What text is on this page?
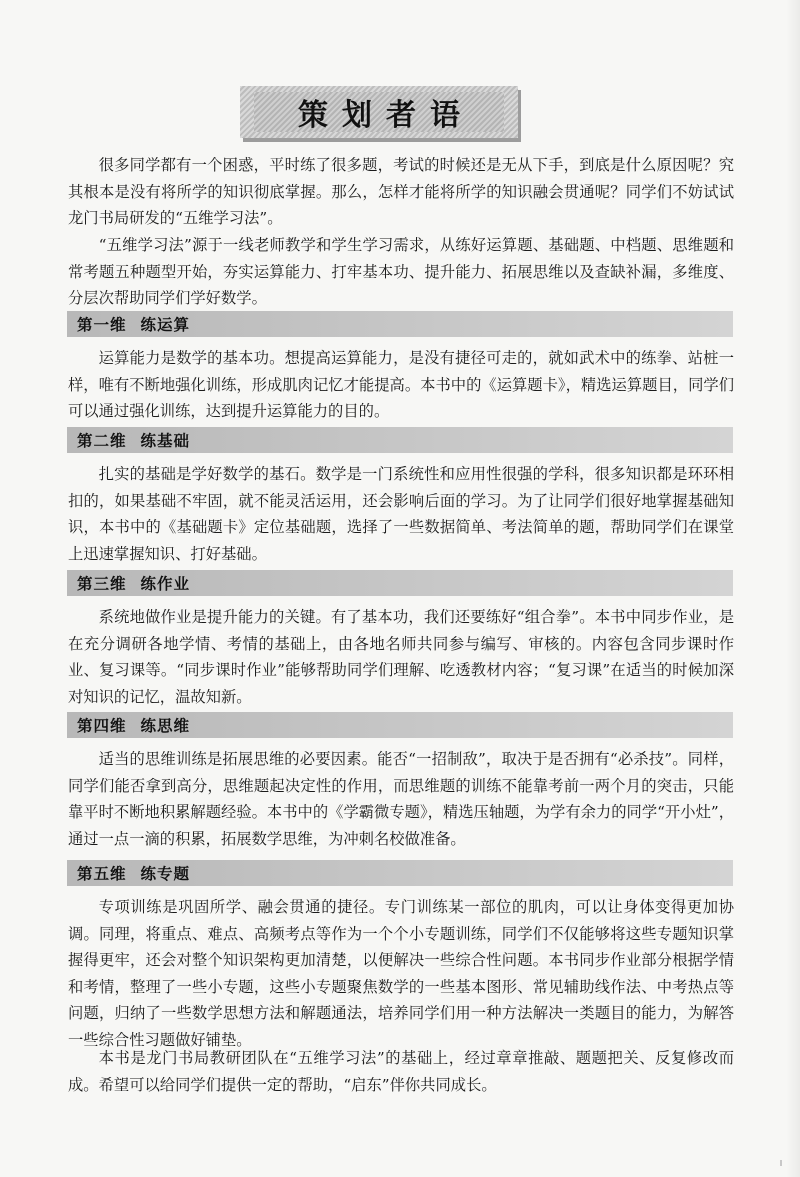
策划者语

很多同学都有一个困惑，平时练了很多题，考试的时候还是无从下手，到底是什么原因呢？究其根本是没有将所学的知识彻底掌握。那么，怎样才能将所学的知识融会贯通呢？同学们不妨试试龙门书局研发的“五维学习法”。

“五维学习法”源于一线老师教学和学生学习需求，从练好运算题、基础题、中档题、思维题和常考题五种题型开始，夯实运算能力、打牢基本功、提升能力、拓展思维以及查缺补漏，多维度、分层次帮助同学们学好数学。

第一维 练运算

运算能力是数学的基本功。想提高运算能力，是没有捷径可走的，就如武术中的练拳、站桩一样，唯有不断地强化训练，形成肌肉记忆才能提高。本书中的《运算题卡》，精选运算题目，同学们可以通过强化训练，达到提升运算能力的目的。

第二维 练基础

扎实的基础是学好数学的基石。数学是一门系统性和应用性很强的学科，很多知识都是环环相扣的，如果基础不牢固，就不能灵活运用，还会影响后面的学习。为了让同学们很好地掌握基础知识，本书中的《基础题卡》定位基础题，选择了一些数据简单、考法简单的题，帮助同学们在课堂上迅速掌握知识、打好基础。

第三维 练作业

系统地做作业是提升能力的关键。有了基本功，我们还要练好“组合拳”。本书中同步作业，是在充分调研各地学情、考情的基础上，由各地名师共同参与编写、审核的。内容包含同步课时作业、复习课等。“同步课时作业”能够帮助同学们理解、吃透教材内容；“复习课”在适当的时候加深对知识的记忆，温故知新。

第四维 练思维

适当的思维训练是拓展思维的必要因素。能否“一招制敌”，取决于是否拥有“必杀技”。同样，同学们能否拿到高分，思维题起决定性的作用，而思维题的训练不能靠考前一两个月的突击，只能靠平时不断地积累解题经验。本书中的《学霸微专题》，精选压轴题，为学有余力的同学“开小灶”，通过一点一滴的积累，拓展数学思维，为冲刺名校做准备。

第五维 练专题

专项训练是巩固所学、融会贯通的捷径。专门训练某一部位的肌肉，可以让身体变得更加协调。同理，将重点、难点、高频考点等作为一个个小专题训练，同学们不仅能够将这些专题知识掌握得更牢，还会对整个知识架构更加清楚，以便解决一些综合性问题。本书同步作业部分根据学情和考情，整理了一些小专题，这些小专题聚焦数学的一些基本图形、常见辅助线作法、中考热点等问题，归纳了一些数学思想方法和解题通法，培养同学们用一种方法解决一类题目的能力，为解答一些综合性习题做好铺垫。

本书是龙门书局教研团队在“五维学习法”的基础上，经过章章推敲、题题把关、反复修改而成。希望可以给同学们提供一定的帮助，“启东”伴你共同成长。
